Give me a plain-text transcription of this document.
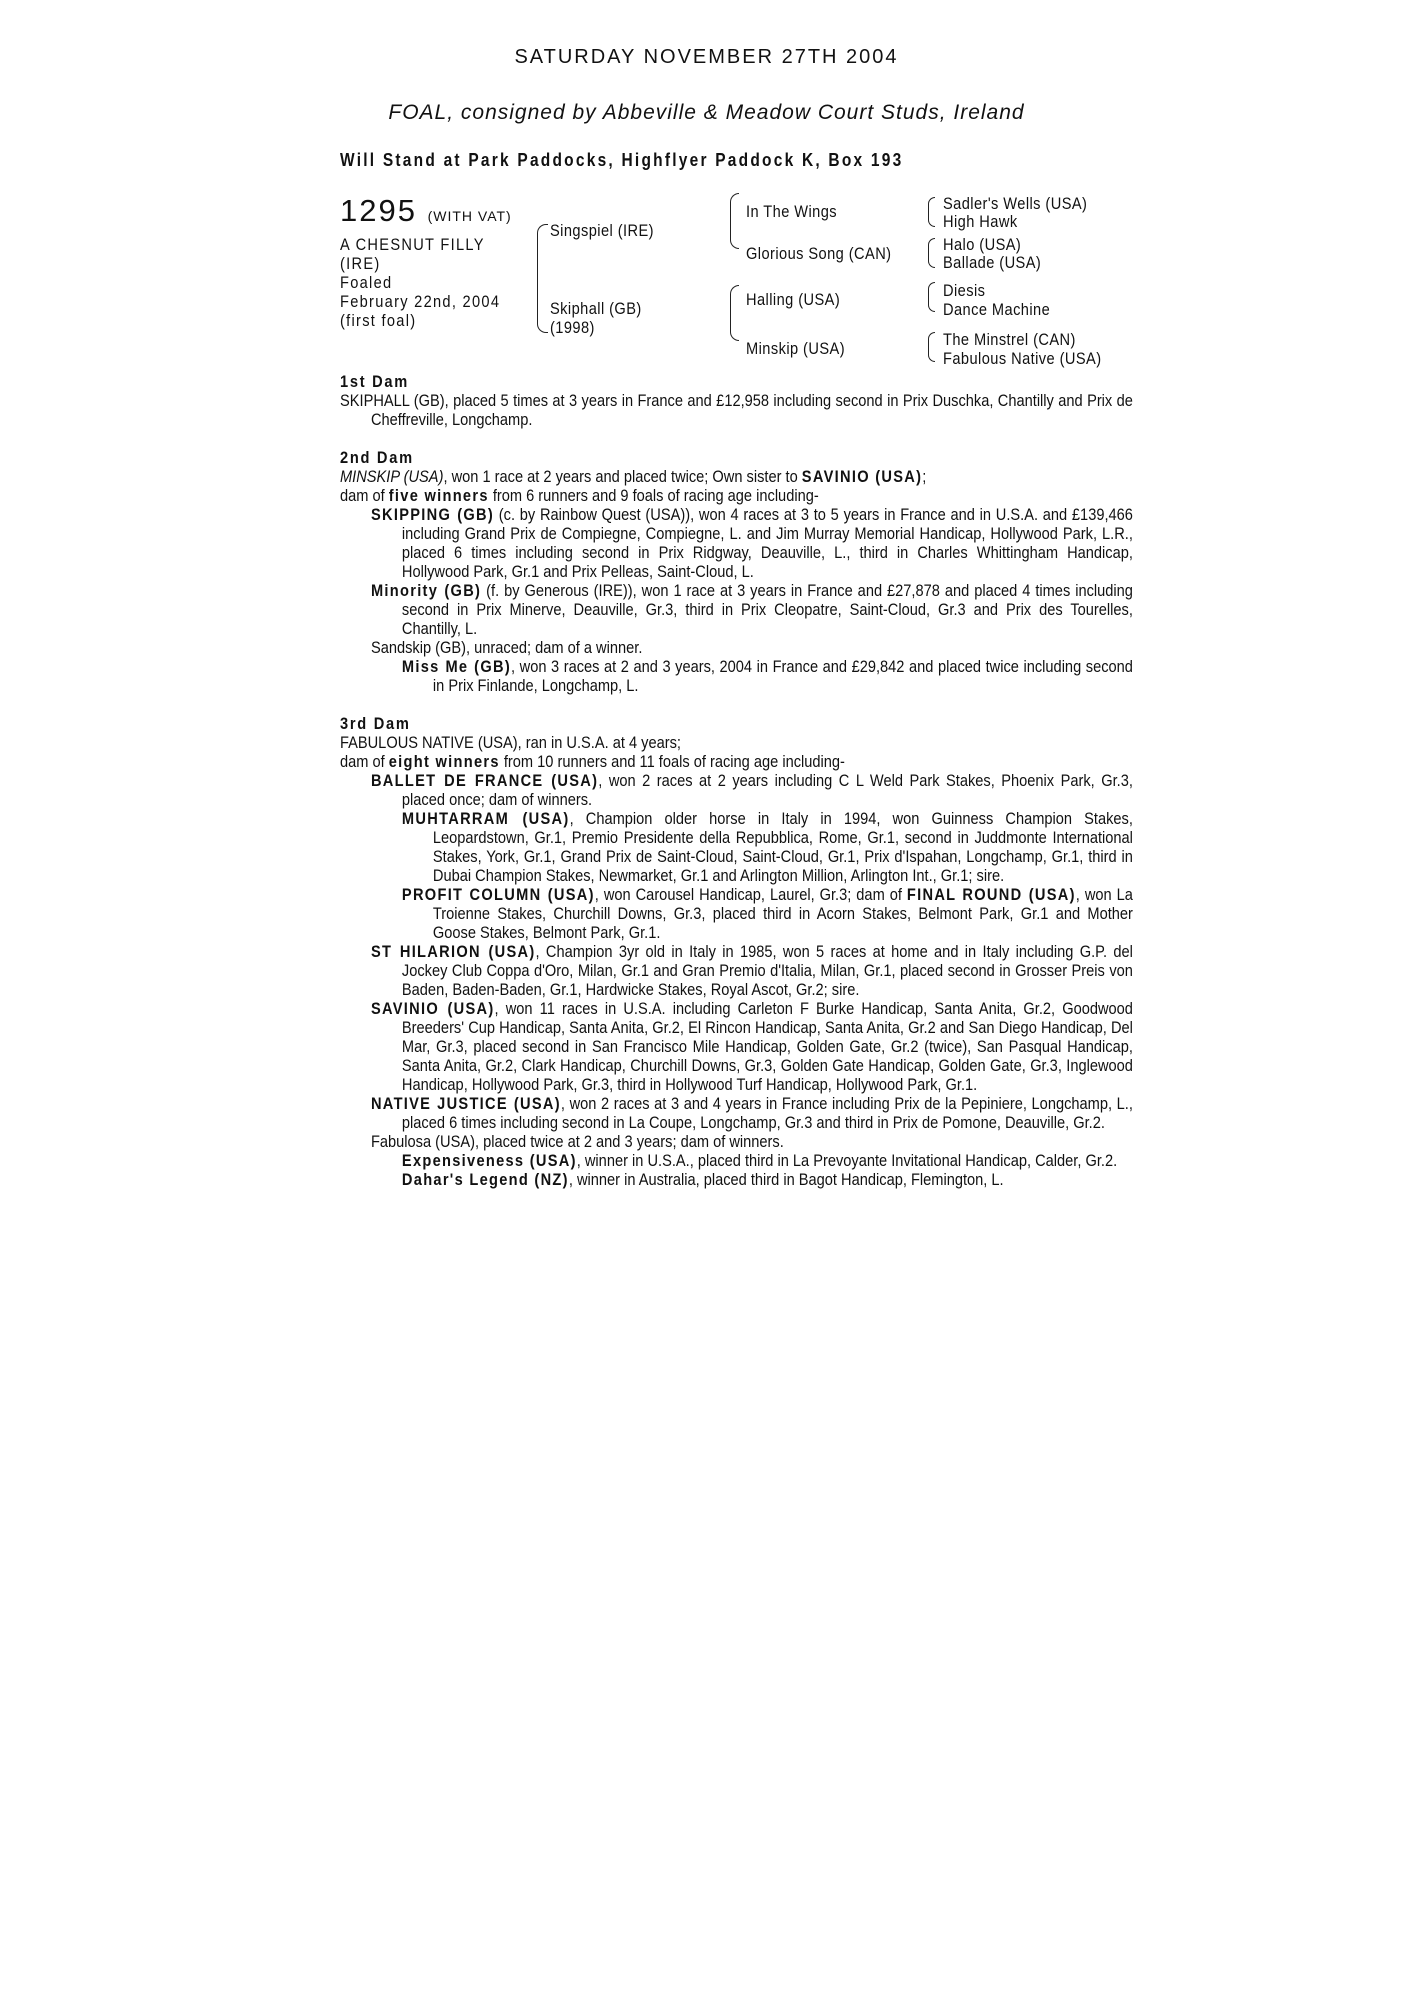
SATURDAY NOVEMBER 27TH 2004
FOAL, consigned by Abbeville & Meadow Court Studs, Ireland
Will Stand at Park Paddocks, Highflyer Paddock K, Box 193
1295 (WITH VAT)
A CHESNUT FILLY
(IRE)
Foaled
February 22nd, 2004
(first foal)
Singspiel (IRE)
Skiphall (GB)
(1998)
In The Wings
Glorious Song (CAN)
Halling (USA)
Minskip (USA)
Sadler's Wells (USA)
High Hawk
Halo (USA)
Ballade (USA)
Diesis
Dance Machine
The Minstrel (CAN)
Fabulous Native (USA)

1st Dam

SKIPHALL (GB), placed 5 times at 3 years in France and £12,958 including second in Prix Duschka, Chantilly and Prix de Cheffreville, Longchamp.

2nd Dam

MINSKIP (USA), won 1 race at 2 years and placed twice; Own sister to SAVINIO (USA);

dam of five winners from 6 runners and 9 foals of racing age including-

SKIPPING (GB) (c. by Rainbow Quest (USA)), won 4 races at 3 to 5 years in France and in U.S.A. and £139,466 including Grand Prix de Compiegne, Compiegne, L. and Jim Murray Memorial Handicap, Hollywood Park, L.R., placed 6 times including second in Prix Ridgway, Deauville, L., third in Charles Whittingham Handicap, Hollywood Park, Gr.1 and Prix Pelleas, Saint-Cloud, L.

Minority (GB) (f. by Generous (IRE)), won 1 race at 3 years in France and £27,878 and placed 4 times including second in Prix Minerve, Deauville, Gr.3, third in Prix Cleopatre, Saint-Cloud, Gr.3 and Prix des Tourelles, Chantilly, L.

Sandskip (GB), unraced; dam of a winner.

Miss Me (GB), won 3 races at 2 and 3 years, 2004 in France and £29,842 and placed twice including second in Prix Finlande, Longchamp, L.

3rd Dam

FABULOUS NATIVE (USA), ran in U.S.A. at 4 years;

dam of eight winners from 10 runners and 11 foals of racing age including-

BALLET DE FRANCE (USA), won 2 races at 2 years including C L Weld Park Stakes, Phoenix Park, Gr.3, placed once; dam of winners.

MUHTARRAM (USA), Champion older horse in Italy in 1994, won Guinness Champion Stakes, Leopardstown, Gr.1, Premio Presidente della Repubblica, Rome, Gr.1, second in Juddmonte International Stakes, York, Gr.1, Grand Prix de Saint-Cloud, Saint-Cloud, Gr.1, Prix d'Ispahan, Longchamp, Gr.1, third in Dubai Champion Stakes, Newmarket, Gr.1 and Arlington Million, Arlington Int., Gr.1; sire.

PROFIT COLUMN (USA), won Carousel Handicap, Laurel, Gr.3; dam of FINAL ROUND (USA), won La Troienne Stakes, Churchill Downs, Gr.3, placed third in Acorn Stakes, Belmont Park, Gr.1 and Mother Goose Stakes, Belmont Park, Gr.1.

ST HILARION (USA), Champion 3yr old in Italy in 1985, won 5 races at home and in Italy including G.P. del Jockey Club Coppa d'Oro, Milan, Gr.1 and Gran Premio d'Italia, Milan, Gr.1, placed second in Grosser Preis von Baden, Baden-Baden, Gr.1, Hardwicke Stakes, Royal Ascot, Gr.2; sire.

SAVINIO (USA), won 11 races in U.S.A. including Carleton F Burke Handicap, Santa Anita, Gr.2, Goodwood Breeders' Cup Handicap, Santa Anita, Gr.2, El Rincon Handicap, Santa Anita, Gr.2 and San Diego Handicap, Del Mar, Gr.3, placed second in San Francisco Mile Handicap, Golden Gate, Gr.2 (twice), San Pasqual Handicap, Santa Anita, Gr.2, Clark Handicap, Churchill Downs, Gr.3, Golden Gate Handicap, Golden Gate, Gr.3, Inglewood Handicap, Hollywood Park, Gr.3, third in Hollywood Turf Handicap, Hollywood Park, Gr.1.

NATIVE JUSTICE (USA), won 2 races at 3 and 4 years in France including Prix de la Pepiniere, Longchamp, L., placed 6 times including second in La Coupe, Longchamp, Gr.3 and third in Prix de Pomone, Deauville, Gr.2.

Fabulosa (USA), placed twice at 2 and 3 years; dam of winners.

Expensiveness (USA), winner in U.S.A., placed third in La Prevoyante Invitational Handicap, Calder, Gr.2.

Dahar's Legend (NZ), winner in Australia, placed third in Bagot Handicap, Flemington, L.
